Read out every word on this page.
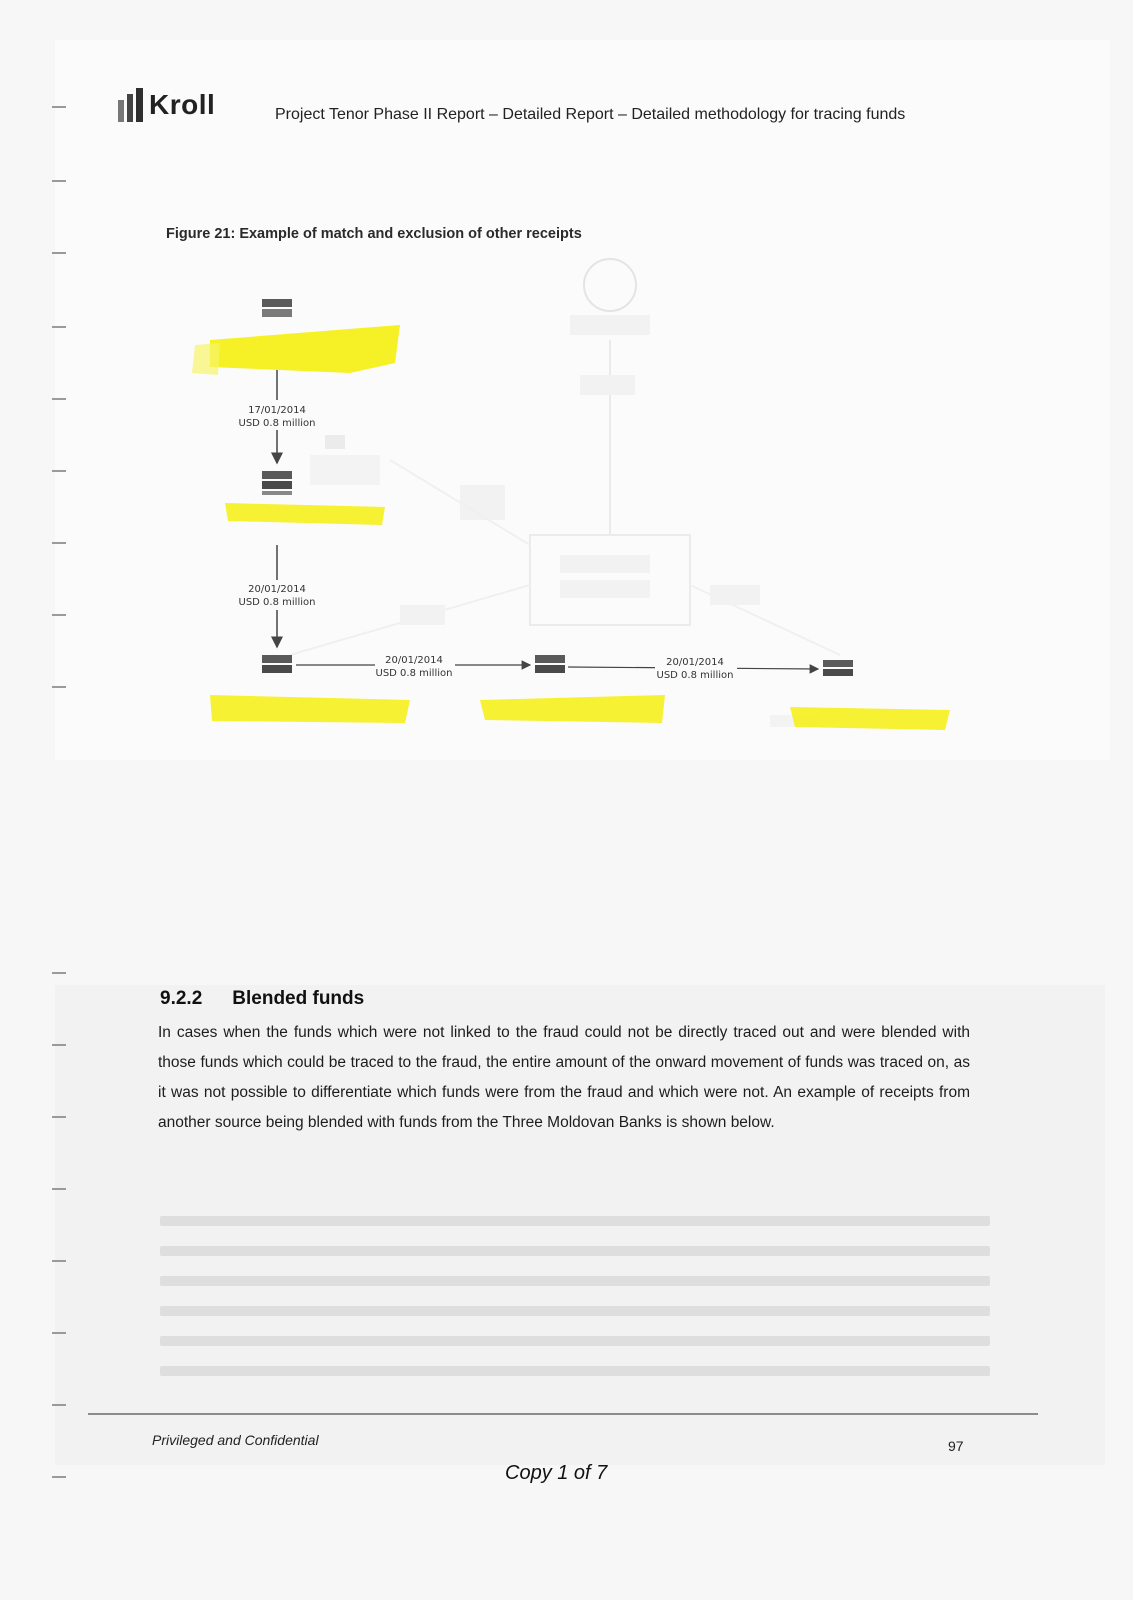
Kroll	Project Tenor Phase II Report – Detailed Report – Detailed methodology for tracing funds
Figure 21: Example of match and exclusion of other receipts
17/01/2014
USD 0.8 million
20/01/2014
USD 0.8 million
20/01/2014
USD 0.8 million
20/01/2014
USD 0.8 million
9.2.2 Blended funds
In cases when the funds which were not linked to the fraud could not be directly traced out and were blended with those funds which could be traced to the fraud, the entire amount of the onward movement of funds was traced on, as it was not possible to differentiate which funds were from the fraud and which were not. An example of receipts from another source being blended with funds from the Three Moldovan Banks is shown below.
Privileged and Confidential	97
Copy 1 of 7
